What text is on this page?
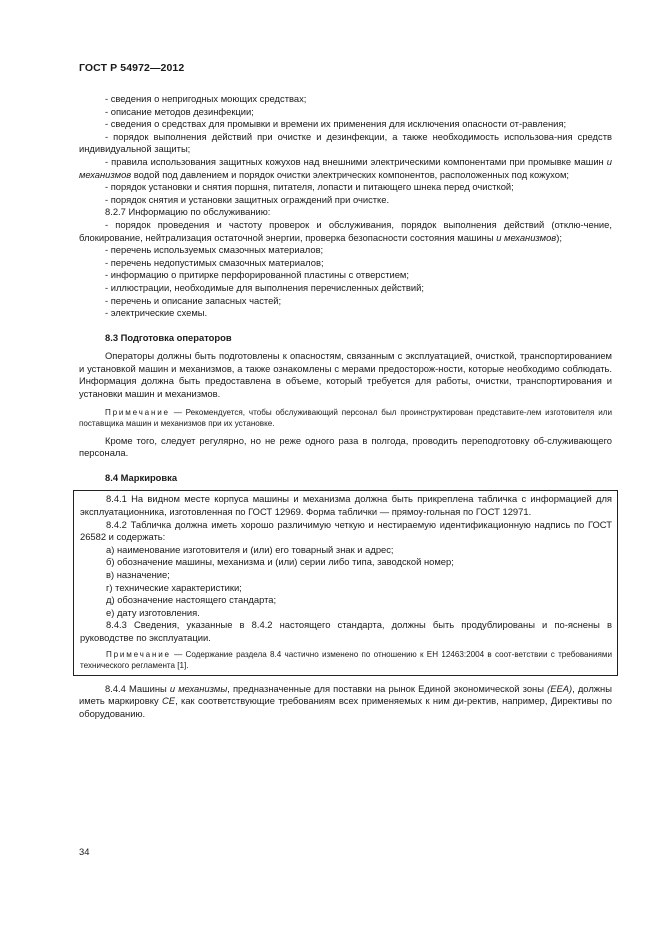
ГОСТ Р 54972—2012

- сведения о непригодных моющих средствах;

- описание методов дезинфекции;

- сведения о средствах для промывки и времени их применения для исключения опасности от-равления;

- порядок выполнения действий при очистке и дезинфекции, а также необходимость использова-ния средств индивидуальной защиты;

- правила использования защитных кожухов над внешними электрическими компонентами при промывке машин и механизмов водой под давлением и порядок очистки электрических компонентов, расположенных под кожухом;

- порядок установки и снятия поршня, питателя, лопасти и питающего шнека перед очисткой;

- порядок снятия и установки защитных ограждений при очистке.

8.2.7 Информацию по обслуживанию:

- порядок проведения и частоту проверок и обслуживания, порядок выполнения действий (отклю-чение, блокирование, нейтрализация остаточной энергии, проверка безопасности состояния машины и механизмов);

- перечень используемых смазочных материалов;

- перечень недопустимых смазочных материалов;

- информацию о притирке перфорированной пластины с отверстием;

- иллюстрации, необходимые для выполнения перечисленных действий;

- перечень и описание запасных частей;

- электрические схемы.

8.3 Подготовка операторов

Операторы должны быть подготовлены к опасностям, связанным с эксплуатацией, очисткой, транспортированием и установкой машин и механизмов, а также ознакомлены с мерами предосторож-ности, которые необходимо соблюдать. Информация должна быть предоставлена в объеме, который требуется для работы, очистки, транспортирования и установки машин и механизмов.

Примечание — Рекомендуется, чтобы обслуживающий персонал был проинструктирован представите-лем изготовителя или поставщика машин и механизмов при их установке.

Кроме того, следует регулярно, но не реже одного раза в полгода, проводить переподготовку об-служивающего персонала.

8.4 Маркировка

8.4.1 На видном месте корпуса машины и механизма должна быть прикреплена табличка с информацией для эксплуатационника, изготовленная по ГОСТ 12969. Форма таблички — прямоу-гольная по ГОСТ 12971.

8.4.2 Табличка должна иметь хорошо различимую четкую и нестираемую идентификационную надпись по ГОСТ 26582 и содержать:

а) наименование изготовителя и (или) его товарный знак и адрес;

б) обозначение машины, механизма и (или) серии либо типа, заводской номер;

в) назначение;

г) технические характеристики;

д) обозначение настоящего стандарта;

е) дату изготовления.

8.4.3 Сведения, указанные в 8.4.2 настоящего стандарта, должны быть продублированы и по-яснены в руководстве по эксплуатации.

Примечание — Содержание раздела 8.4 частично изменено по отношению к ЕН 12463:2004 в соот-ветствии с требованиями технического регламента [1].

8.4.4 Машины и механизмы, предназначенные для поставки на рынок Единой экономической зоны (ЕЕА), должны иметь маркировку СЕ, как соответствующие требованиям всех применяемых к ним ди-ректив, например, Директивы по оборудованию.

34
